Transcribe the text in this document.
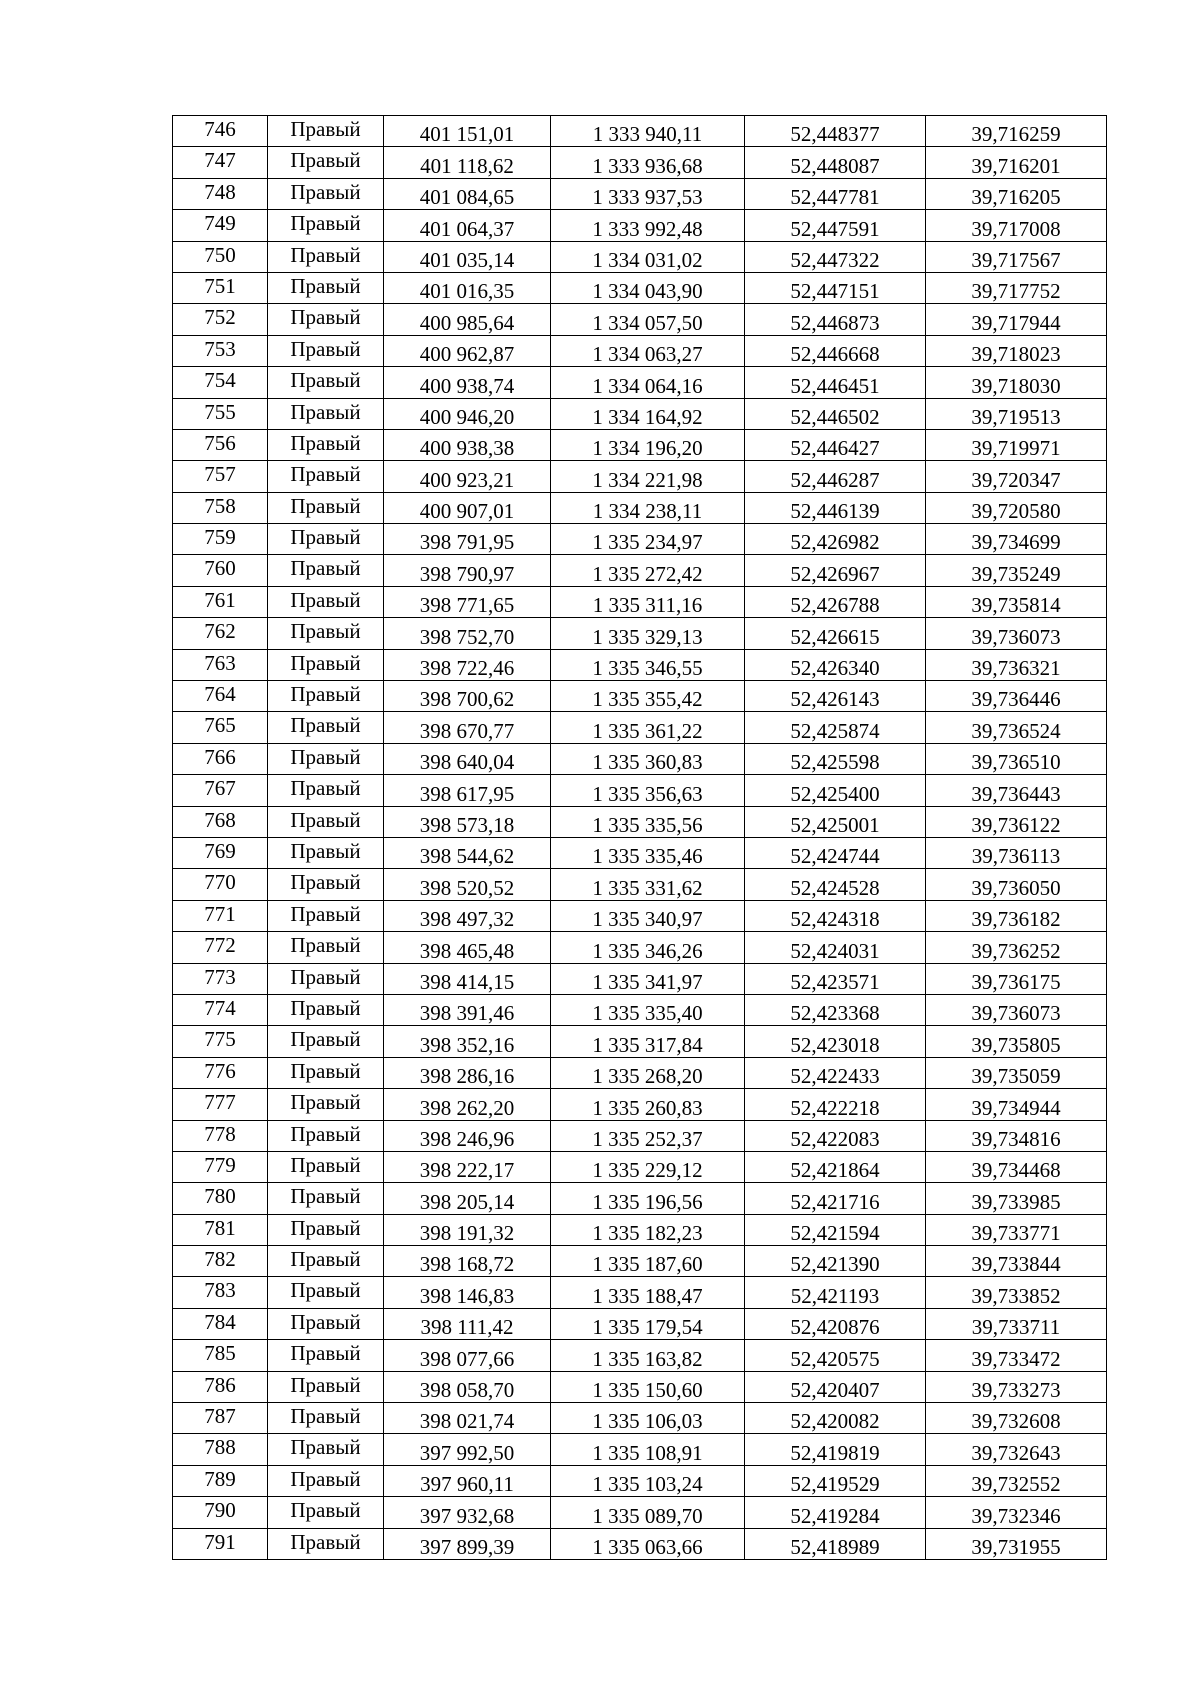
746	Правый	401 151,01	1 333 940,11	52,448377	39,716259
747	Правый	401 118,62	1 333 936,68	52,448087	39,716201
748	Правый	401 084,65	1 333 937,53	52,447781	39,716205
749	Правый	401 064,37	1 333 992,48	52,447591	39,717008
750	Правый	401 035,14	1 334 031,02	52,447322	39,717567
751	Правый	401 016,35	1 334 043,90	52,447151	39,717752
752	Правый	400 985,64	1 334 057,50	52,446873	39,717944
753	Правый	400 962,87	1 334 063,27	52,446668	39,718023
754	Правый	400 938,74	1 334 064,16	52,446451	39,718030
755	Правый	400 946,20	1 334 164,92	52,446502	39,719513
756	Правый	400 938,38	1 334 196,20	52,446427	39,719971
757	Правый	400 923,21	1 334 221,98	52,446287	39,720347
758	Правый	400 907,01	1 334 238,11	52,446139	39,720580
759	Правый	398 791,95	1 335 234,97	52,426982	39,734699
760	Правый	398 790,97	1 335 272,42	52,426967	39,735249
761	Правый	398 771,65	1 335 311,16	52,426788	39,735814
762	Правый	398 752,70	1 335 329,13	52,426615	39,736073
763	Правый	398 722,46	1 335 346,55	52,426340	39,736321
764	Правый	398 700,62	1 335 355,42	52,426143	39,736446
765	Правый	398 670,77	1 335 361,22	52,425874	39,736524
766	Правый	398 640,04	1 335 360,83	52,425598	39,736510
767	Правый	398 617,95	1 335 356,63	52,425400	39,736443
768	Правый	398 573,18	1 335 335,56	52,425001	39,736122
769	Правый	398 544,62	1 335 335,46	52,424744	39,736113
770	Правый	398 520,52	1 335 331,62	52,424528	39,736050
771	Правый	398 497,32	1 335 340,97	52,424318	39,736182
772	Правый	398 465,48	1 335 346,26	52,424031	39,736252
773	Правый	398 414,15	1 335 341,97	52,423571	39,736175
774	Правый	398 391,46	1 335 335,40	52,423368	39,736073
775	Правый	398 352,16	1 335 317,84	52,423018	39,735805
776	Правый	398 286,16	1 335 268,20	52,422433	39,735059
777	Правый	398 262,20	1 335 260,83	52,422218	39,734944
778	Правый	398 246,96	1 335 252,37	52,422083	39,734816
779	Правый	398 222,17	1 335 229,12	52,421864	39,734468
780	Правый	398 205,14	1 335 196,56	52,421716	39,733985
781	Правый	398 191,32	1 335 182,23	52,421594	39,733771
782	Правый	398 168,72	1 335 187,60	52,421390	39,733844
783	Правый	398 146,83	1 335 188,47	52,421193	39,733852
784	Правый	398 111,42	1 335 179,54	52,420876	39,733711
785	Правый	398 077,66	1 335 163,82	52,420575	39,733472
786	Правый	398 058,70	1 335 150,60	52,420407	39,733273
787	Правый	398 021,74	1 335 106,03	52,420082	39,732608
788	Правый	397 992,50	1 335 108,91	52,419819	39,732643
789	Правый	397 960,11	1 335 103,24	52,419529	39,732552
790	Правый	397 932,68	1 335 089,70	52,419284	39,732346
791	Правый	397 899,39	1 335 063,66	52,418989	39,731955
